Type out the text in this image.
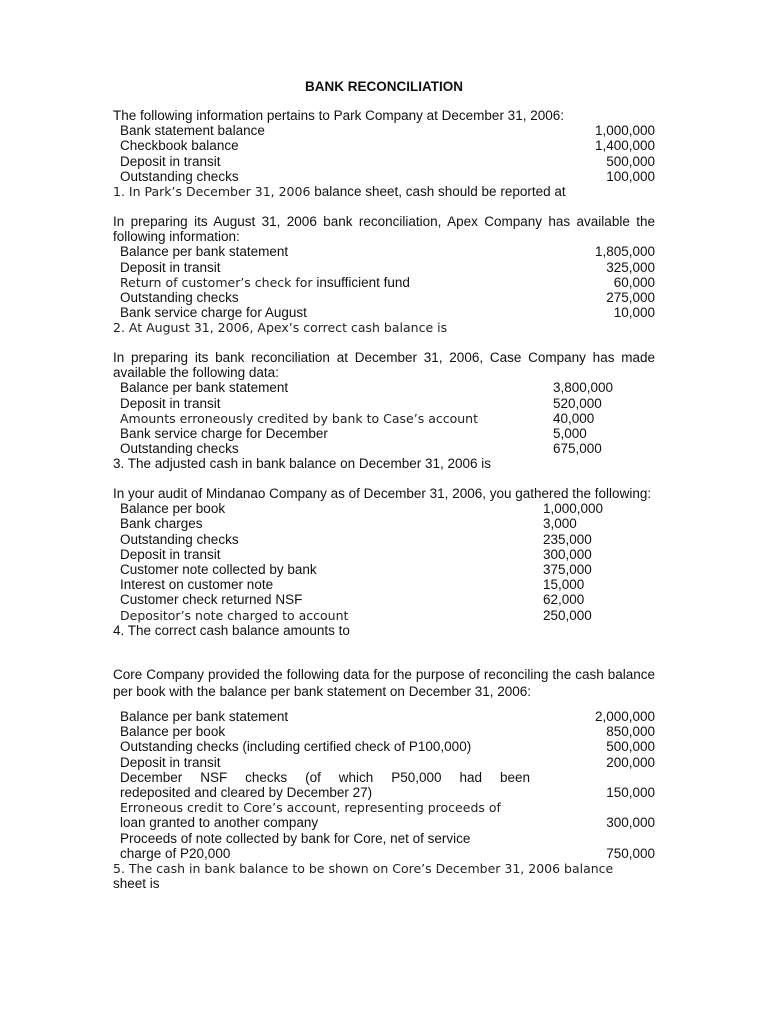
BANK RECONCILIATION
The following information pertains to Park Company at December 31, 2006:
Bank statement balance	1,000,000
Checkbook balance	1,400,000
Deposit in transit	500,000
Outstanding checks	100,000
1. In Park’s December 31, 2006 balance sheet, cash should be reported at
In preparing its August 31, 2006 bank reconciliation, Apex Company has available the following information:
Balance per bank statement	1,805,000
Deposit in transit	325,000
Return of customer’s check for insufficient fund	60,000
Outstanding checks	275,000
Bank service charge for August	10,000
2. At August 31, 2006, Apex’s correct cash balance is
In preparing its bank reconciliation at December 31, 2006, Case Company has made available the following data:
Balance per bank statement	3,800,000
Deposit in transit	520,000
Amounts erroneously credited by bank to Case’s account	40,000
Bank service charge for December	5,000
Outstanding checks	675,000
3. The adjusted cash in bank balance on December 31, 2006 is
In your audit of Mindanao Company as of December 31, 2006, you gathered the following:
Balance per book	1,000,000
Bank charges	3,000
Outstanding checks	235,000
Deposit in transit	300,000
Customer note collected by bank	375,000
Interest on customer note	15,000
Customer check returned NSF	62,000
Depositor’s note charged to account	250,000
4. The correct cash balance amounts to
Core Company provided the following data for the purpose of reconciling the cash balance per book with the balance per bank statement on December 31, 2006:
Balance per bank statement	2,000,000
Balance per book	850,000
Outstanding checks (including certified check of P100,000)	500,000
Deposit in transit	200,000
December NSF checks (of which P50,000 had been
redeposited and cleared by December 27)	150,000
Erroneous credit to Core’s account, representing proceeds of
loan granted to another company	300,000
Proceeds of note collected by bank for Core, net of service
charge of P20,000	750,000
5. The cash in bank balance to be shown on Core’s December 31, 2006 balance
sheet is
